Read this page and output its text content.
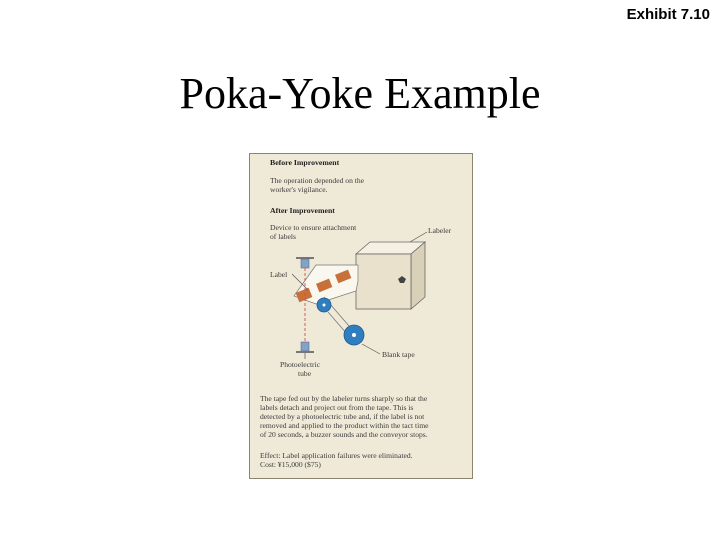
Exhibit 7.10
Poka-Yoke Example
Before Improvement
The operation depended on the
worker's vigilance.
After Improvement
Device to ensure attachment
of labels
Labeler
Label
Blank tape
Photoelectric
tube
The tape fed out by the labeler turns sharply so that the
labels detach and project out from the tape. This is
detected by a photoelectric tube and, if the label is not
removed and applied to the product within the tact time
of 20 seconds, a buzzer sounds and the conveyor stops.
Effect: Label application failures were eliminated.
Cost: ¥15,000 ($75)
